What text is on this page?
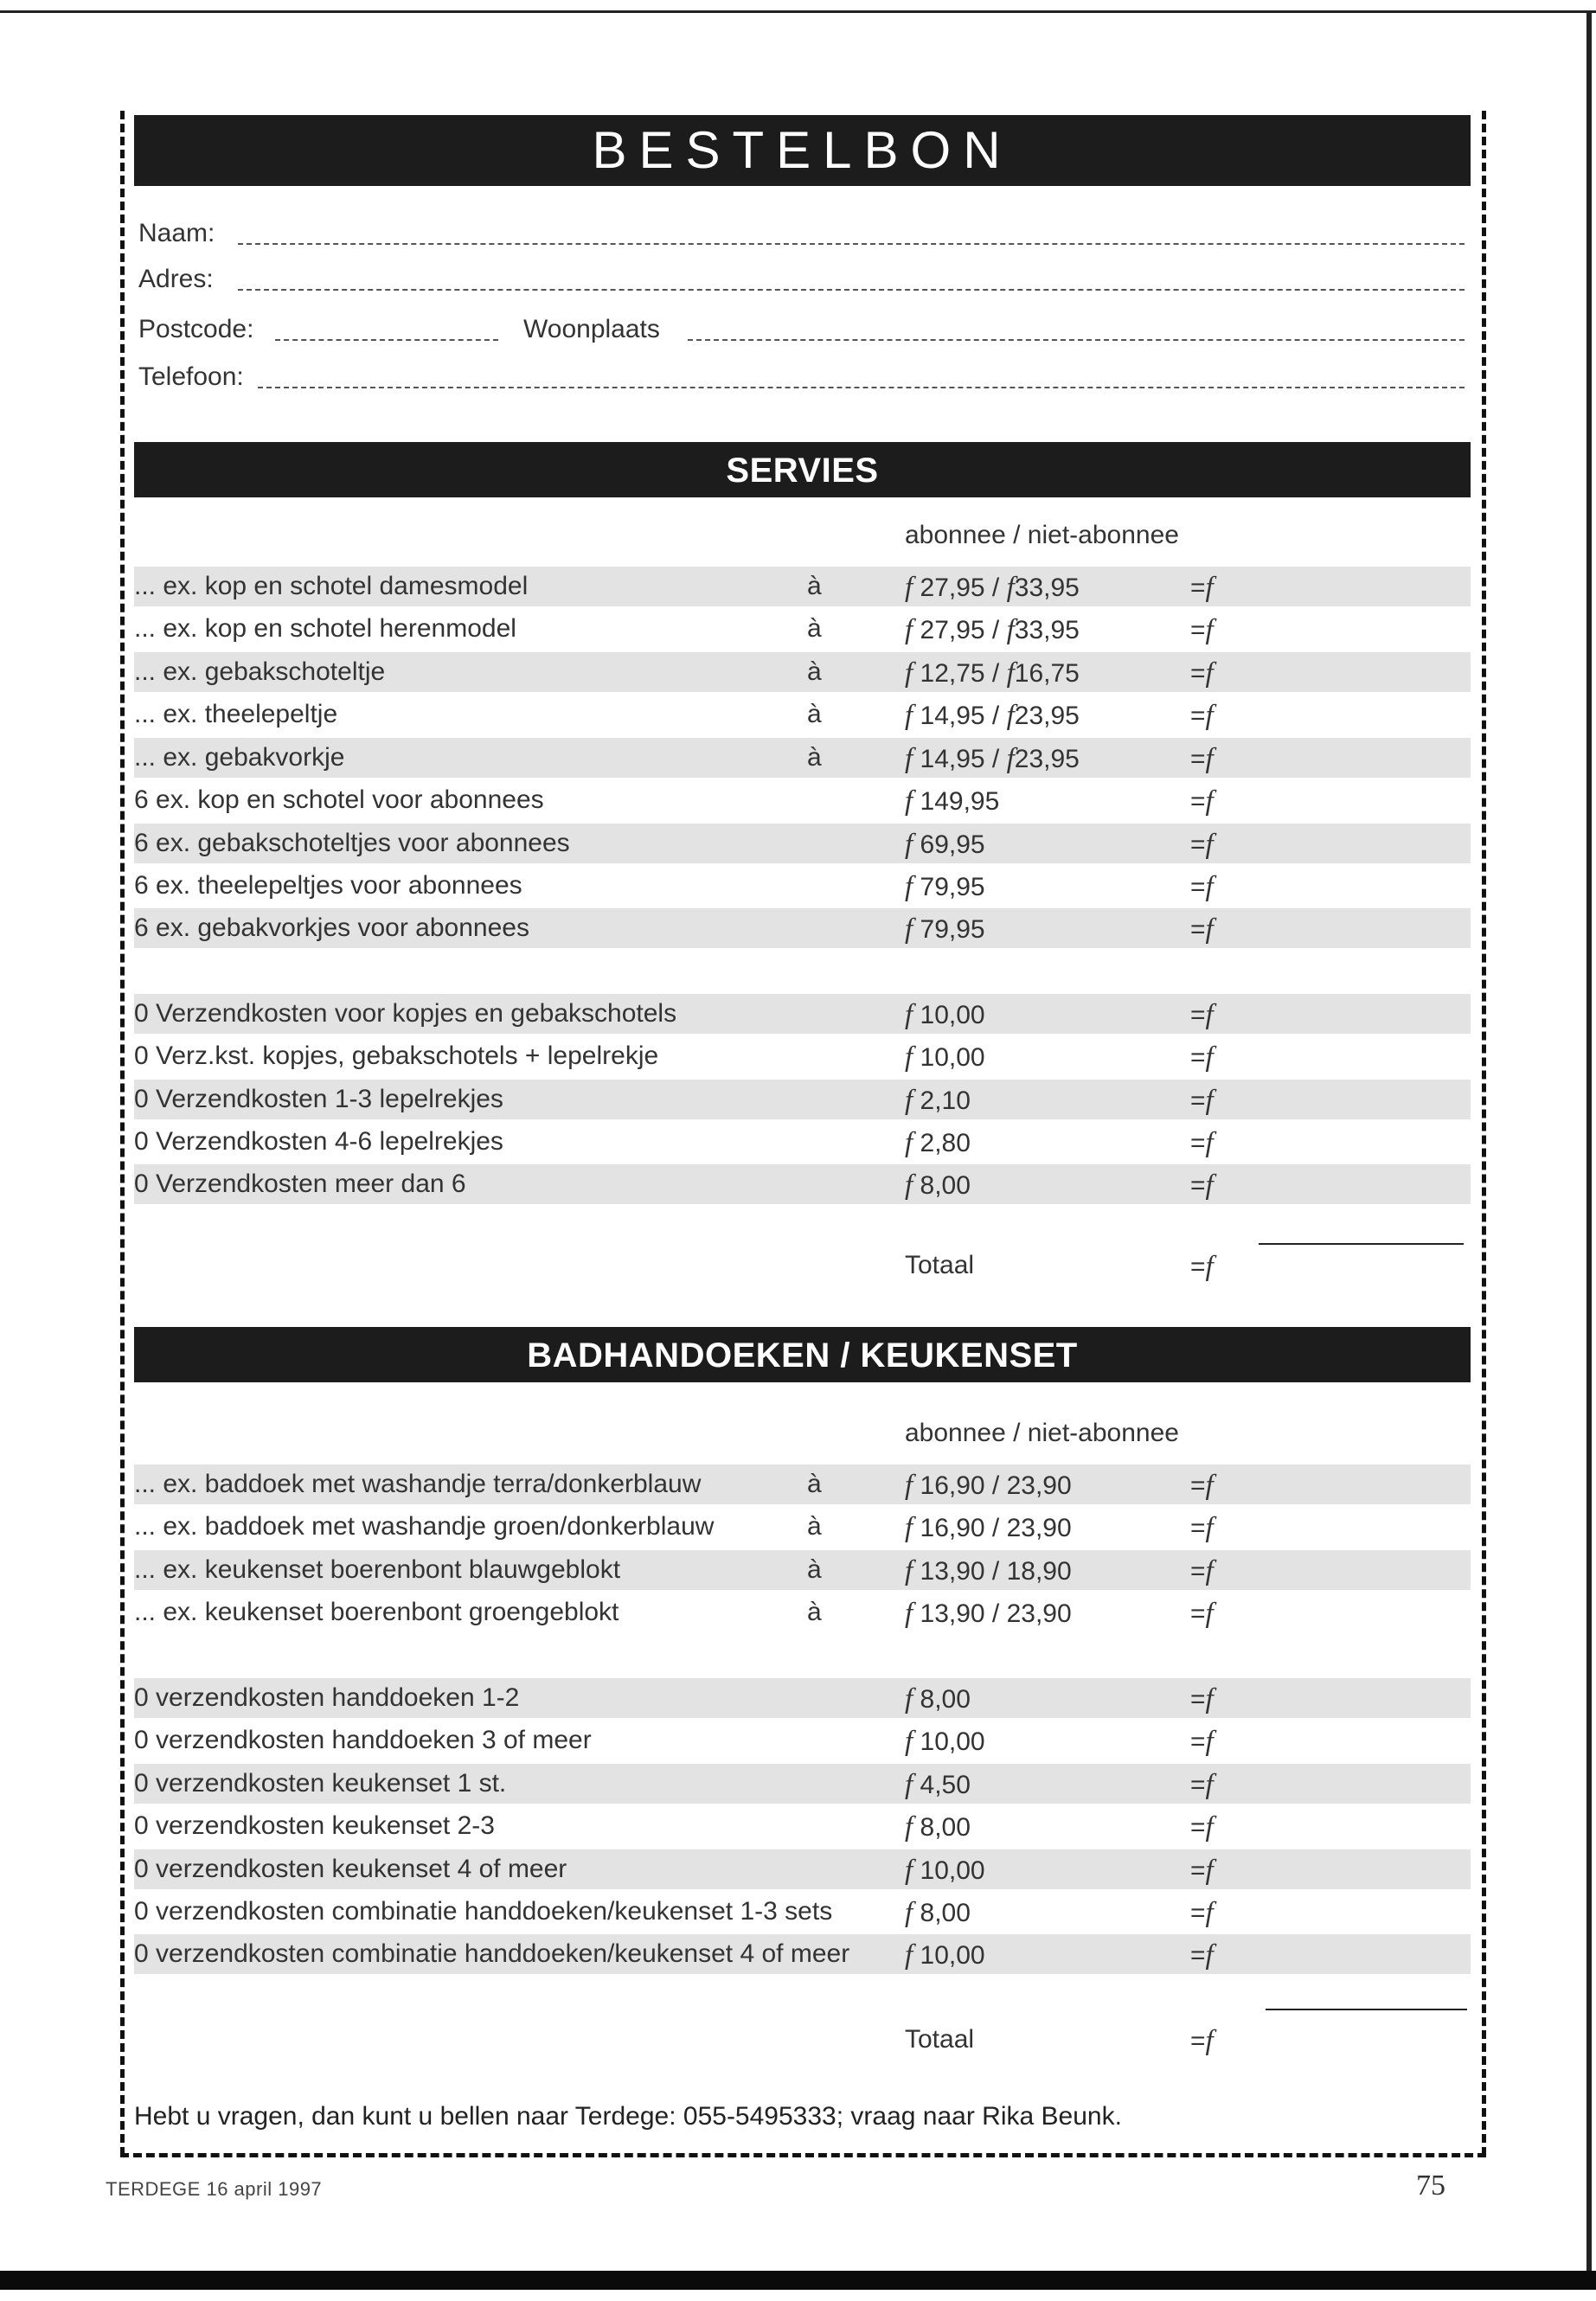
BESTELBON
Naam:
Adres:
Postcode:	Woonplaats
Telefoon:
SERVIES
abonnee / niet-abonnee
... ex. kop en schotel damesmodel	à	f 27,95 / f33,95	=f
... ex. kop en schotel herenmodel	à	f 27,95 / f33,95	=f
... ex. gebakschoteltje	à	f 12,75 / f16,75	=f
... ex. theelepeltje	à	f 14,95 / f23,95	=f
... ex. gebakvorkje	à	f 14,95 / f23,95	=f
6 ex. kop en schotel voor abonnees	f 149,95	=f
6 ex. gebakschoteltjes voor abonnees	f 69,95	=f
6 ex. theelepeltjes voor abonnees	f 79,95	=f
6 ex. gebakvorkjes voor abonnees	f 79,95	=f
0 Verzendkosten voor kopjes en gebakschotels	f 10,00	=f
0 Verz.kst. kopjes, gebakschotels + lepelrekje	f 10,00	=f
0 Verzendkosten 1-3 lepelrekjes	f 2,10	=f
0 Verzendkosten 4-6 lepelrekjes	f 2,80	=f
0 Verzendkosten meer dan 6	f 8,00	=f
Totaal	=f
BADHANDOEKEN / KEUKENSET
abonnee / niet-abonnee
... ex. baddoek met washandje terra/donkerblauw	à	f 16,90 / 23,90	=f
... ex. baddoek met washandje groen/donkerblauw	à	f 16,90 / 23,90	=f
... ex. keukenset boerenbont blauwgeblokt	à	f 13,90 / 18,90	=f
... ex. keukenset boerenbont groengeblokt	à	f 13,90 / 23,90	=f
0 verzendkosten handdoeken 1-2	f 8,00	=f
0 verzendkosten handdoeken 3 of meer	f 10,00	=f
0 verzendkosten keukenset 1 st.	f 4,50	=f
0 verzendkosten keukenset 2-3	f 8,00	=f
0 verzendkosten keukenset 4 of meer	f 10,00	=f
0 verzendkosten combinatie handdoeken/keukenset 1-3 sets	f 8,00	=f
0 verzendkosten combinatie handdoeken/keukenset 4 of meer f 10,00	=f
Totaal	=f
Hebt u vragen, dan kunt u bellen naar Terdege: 055-5495333; vraag naar Rika Beunk.
TERDEGE 16 april 1997	75
